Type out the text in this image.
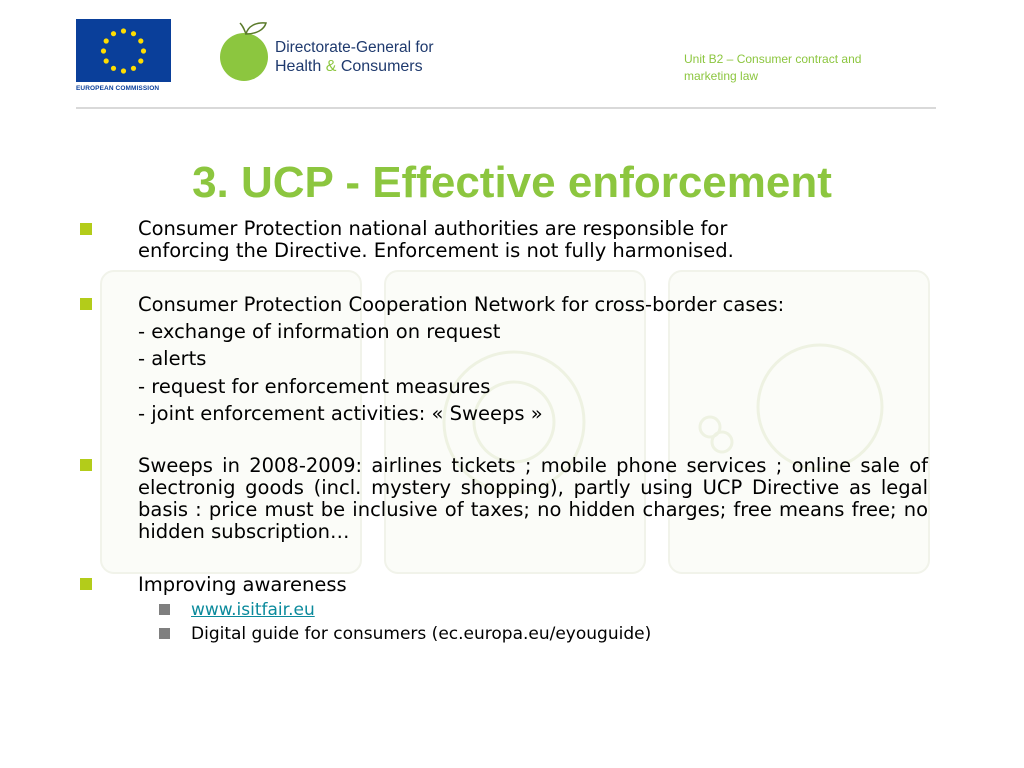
EUROPEAN COMMISSION
Directorate-General for
Health & Consumers	Unit B2 – Consumer contract and
marketing law
3. UCP - Effective enforcement
Consumer Protection national authorities are responsible for
enforcing the Directive. Enforcement is not fully harmonised.
Consumer Protection Cooperation Network for cross-border cases:
- exchange of information on request
- alerts
- request for enforcement measures
- joint enforcement activities: « Sweeps »
Sweeps in 2008-2009: airlines tickets ; mobile phone services ; online sale of electronig goods (incl. mystery shopping), partly using UCP Directive as legal basis : price must be inclusive of taxes; no hidden charges; free means free; no hidden subscription…
Improving awareness
www.isitfair.eu
Digital guide for consumers (ec.europa.eu/eyouguide)
